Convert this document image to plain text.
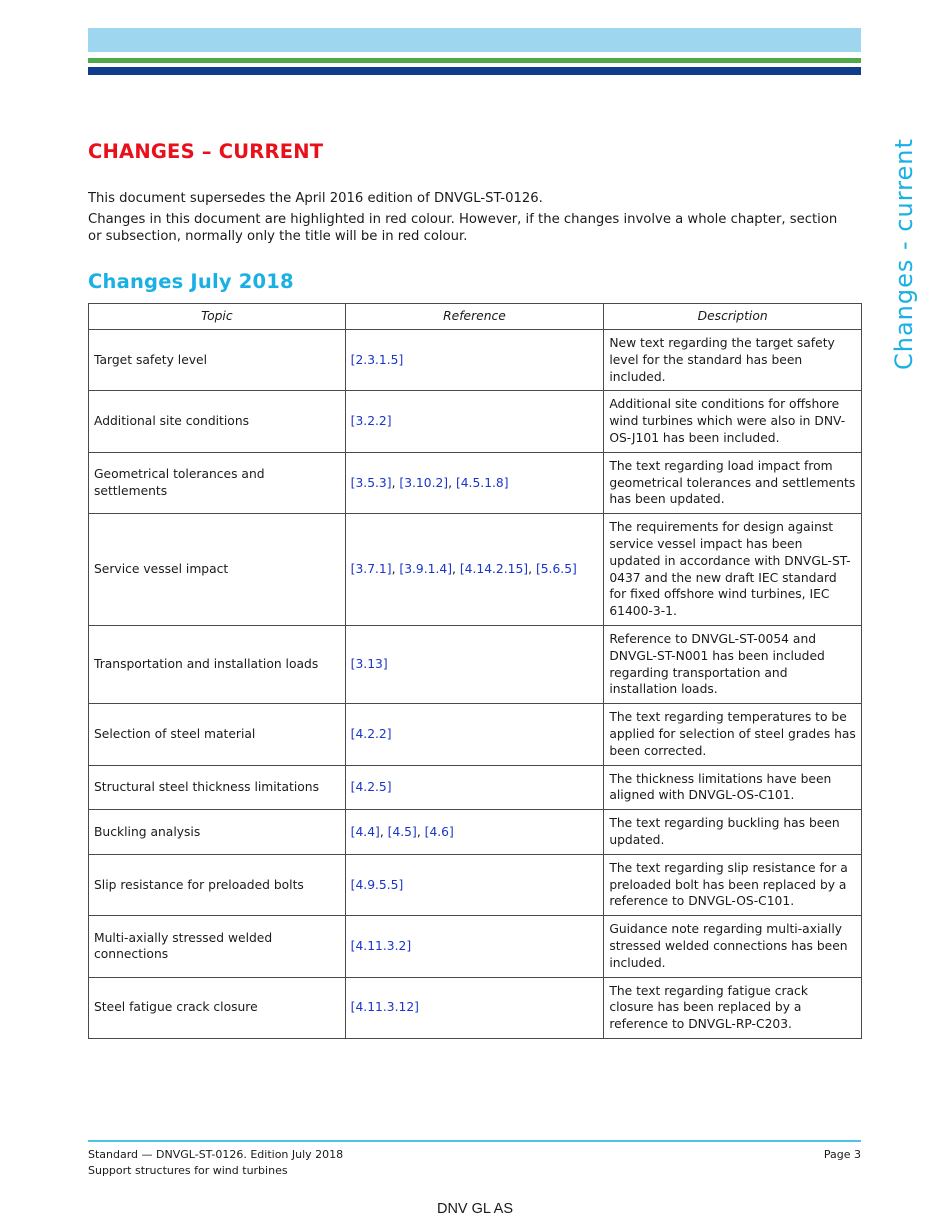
Changes - current
CHANGES – CURRENT

This document supersedes the April 2016 edition of DNVGL-ST-0126.

Changes in this document are highlighted in red colour. However, if the changes involve a whole chapter, section or subsection, normally only the title will be in red colour.

Changes July 2018
Topic	Reference	Description
Target safety level	[2.3.1.5]	New text regarding the target safety level for the standard has been included.
Additional site conditions	[3.2.2]	Additional site conditions for offshore wind turbines which were also in DNV-OS-J101 has been included.
Geometrical tolerances and settlements	[3.5.3], [3.10.2], [4.5.1.8]	The text regarding load impact from geometrical tolerances and settlements has been updated.
Service vessel impact	[3.7.1], [3.9.1.4], [4.14.2.15], [5.6.5]	The requirements for design against service vessel impact has been updated in accordance with DNVGL-ST-0437 and the new draft IEC standard for fixed offshore wind turbines, IEC 61400-3-1.
Transportation and installation loads	[3.13]	Reference to DNVGL-ST-0054 and DNVGL-ST-N001 has been included regarding transportation and installation loads.
Selection of steel material	[4.2.2]	The text regarding temperatures to be applied for selection of steel grades has been corrected.
Structural steel thickness limitations	[4.2.5]	The thickness limitations have been aligned with DNVGL-OS-C101.
Buckling analysis	[4.4], [4.5], [4.6]	The text regarding buckling has been updated.
Slip resistance for preloaded bolts	[4.9.5.5]	The text regarding slip resistance for a preloaded bolt has been replaced by a reference to DNVGL-OS-C101.
Multi-axially stressed welded connections	[4.11.3.2]	Guidance note regarding multi-axially stressed welded connections has been included.
Steel fatigue crack closure	[4.11.3.12]	The text regarding fatigue crack closure has been replaced by a reference to DNVGL-RP-C203.
Standard — DNVGL-ST-0126. Edition July 2018
Support structures for wind turbines
Page 3
DNV GL AS
